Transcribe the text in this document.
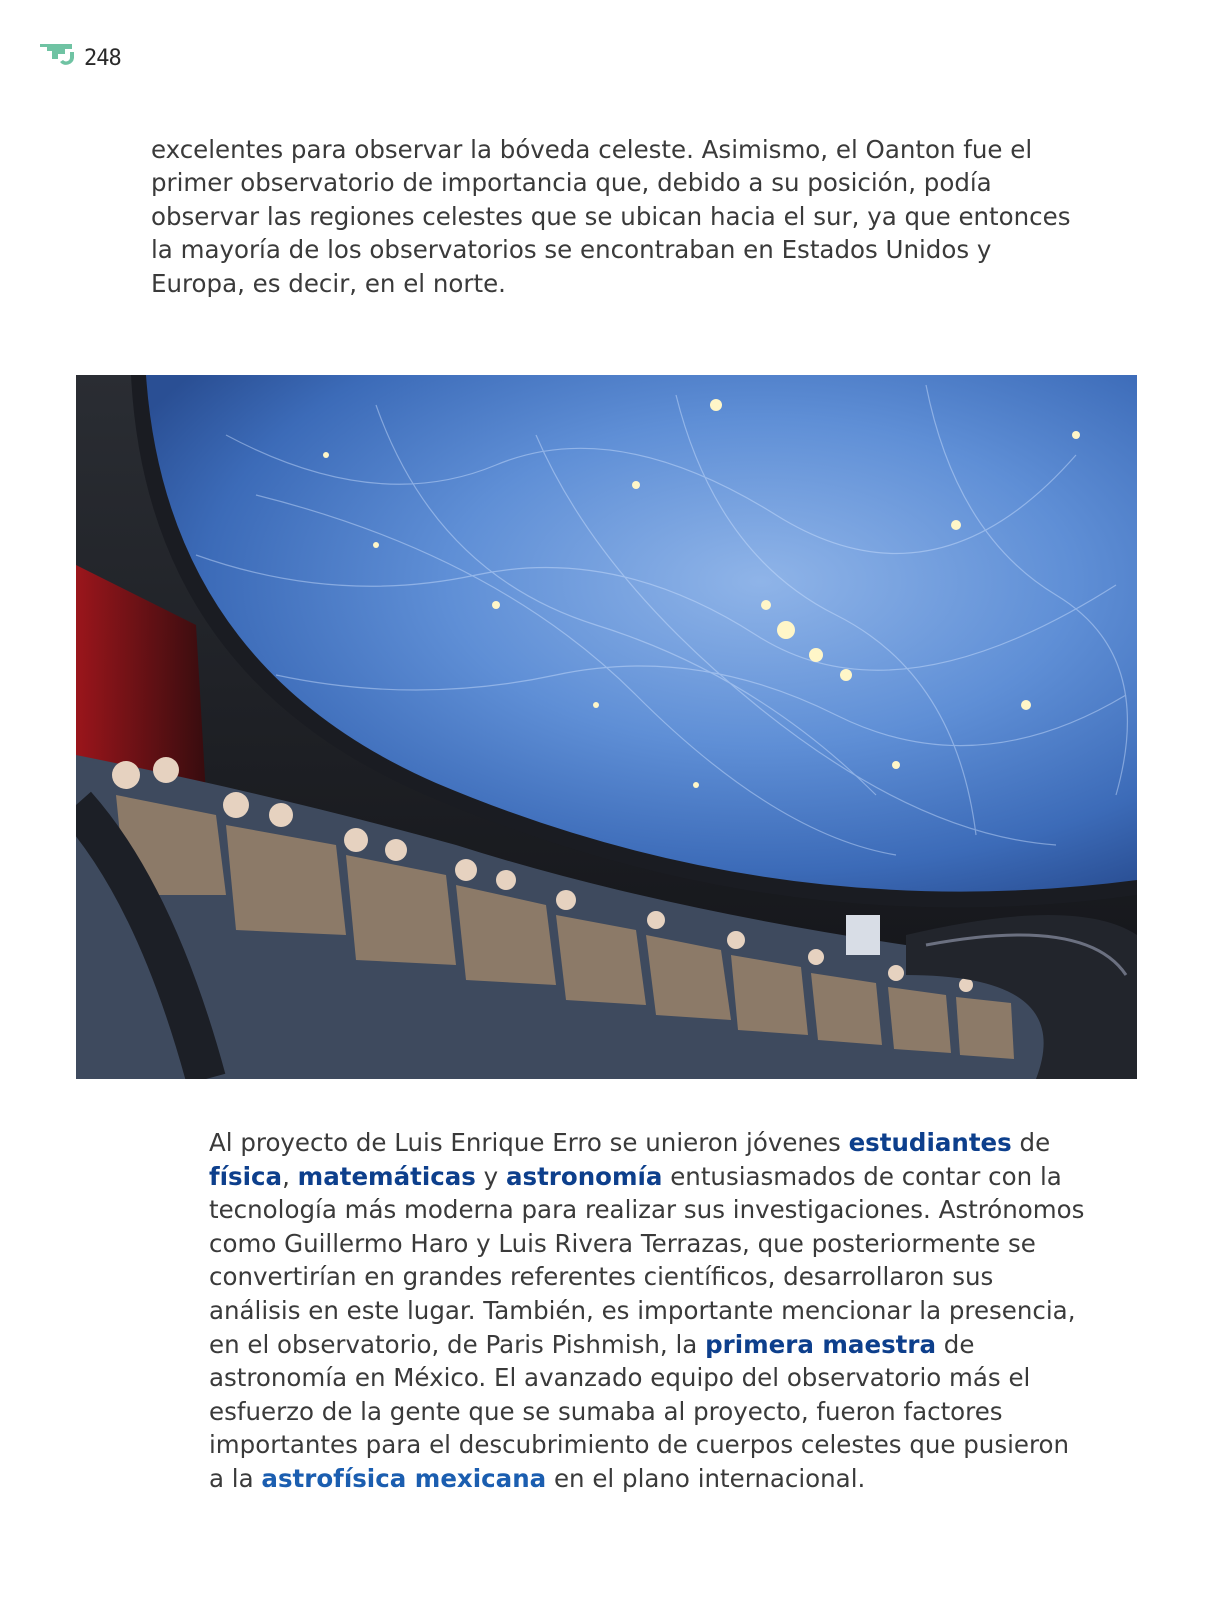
248

excelentes para observar la bóveda celeste. Asimismo, el Oanton fue el primer observatorio de importancia que, debido a su posición, podía observar las regiones celestes que se ubican hacia el sur, ya que entonces la mayoría de los observatorios se encontraban en Estados Unidos y Europa, es decir, en el norte.

Al proyecto de Luis Enrique Erro se unieron jóvenes estudiantes de física, matemáticas y astronomía entusiasmados de contar con la tecnología más moderna para realizar sus investigaciones. Astrónomos como Guillermo Haro y Luis Rivera Terrazas, que posteriormente se convertirían en grandes referentes científicos, desarrollaron sus análisis en este lugar. También, es importante mencionar la presencia, en el observatorio, de Paris Pishmish, la primera maestra de astronomía en México. El avanzado equipo del observatorio más el esfuerzo de la gente que se sumaba al proyecto, fueron factores importantes para el descubrimiento de cuerpos celestes que pusieron a la astrofísica mexicana en el plano internacional.
